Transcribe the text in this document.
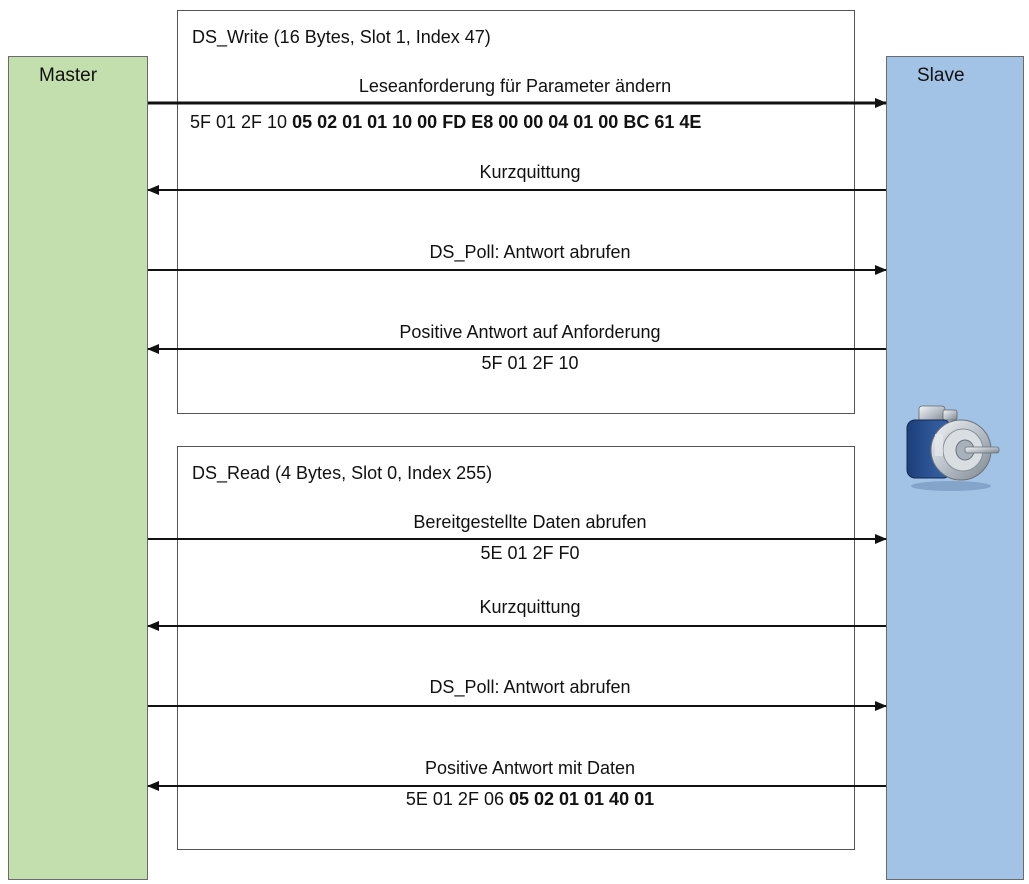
Master	Slave
DS_Write (16 Bytes, Slot 1, Index 47)
DS_Read (4 Bytes, Slot 0, Index 255)
Leseanforderung für Parameter ändern
5F 01 2F 10 05 02 01 01 10 00 FD E8 00 00 04 01 00 BC 61 4E
Kurzquittung
DS_Poll: Antwort abrufen
Positive Antwort auf Anforderung
5F 01 2F 10
Bereitgestellte Daten abrufen
5E 01 2F F0
Kurzquittung
DS_Poll: Antwort abrufen
Positive Antwort mit Daten
5E 01 2F 06 05 02 01 01 40 01
